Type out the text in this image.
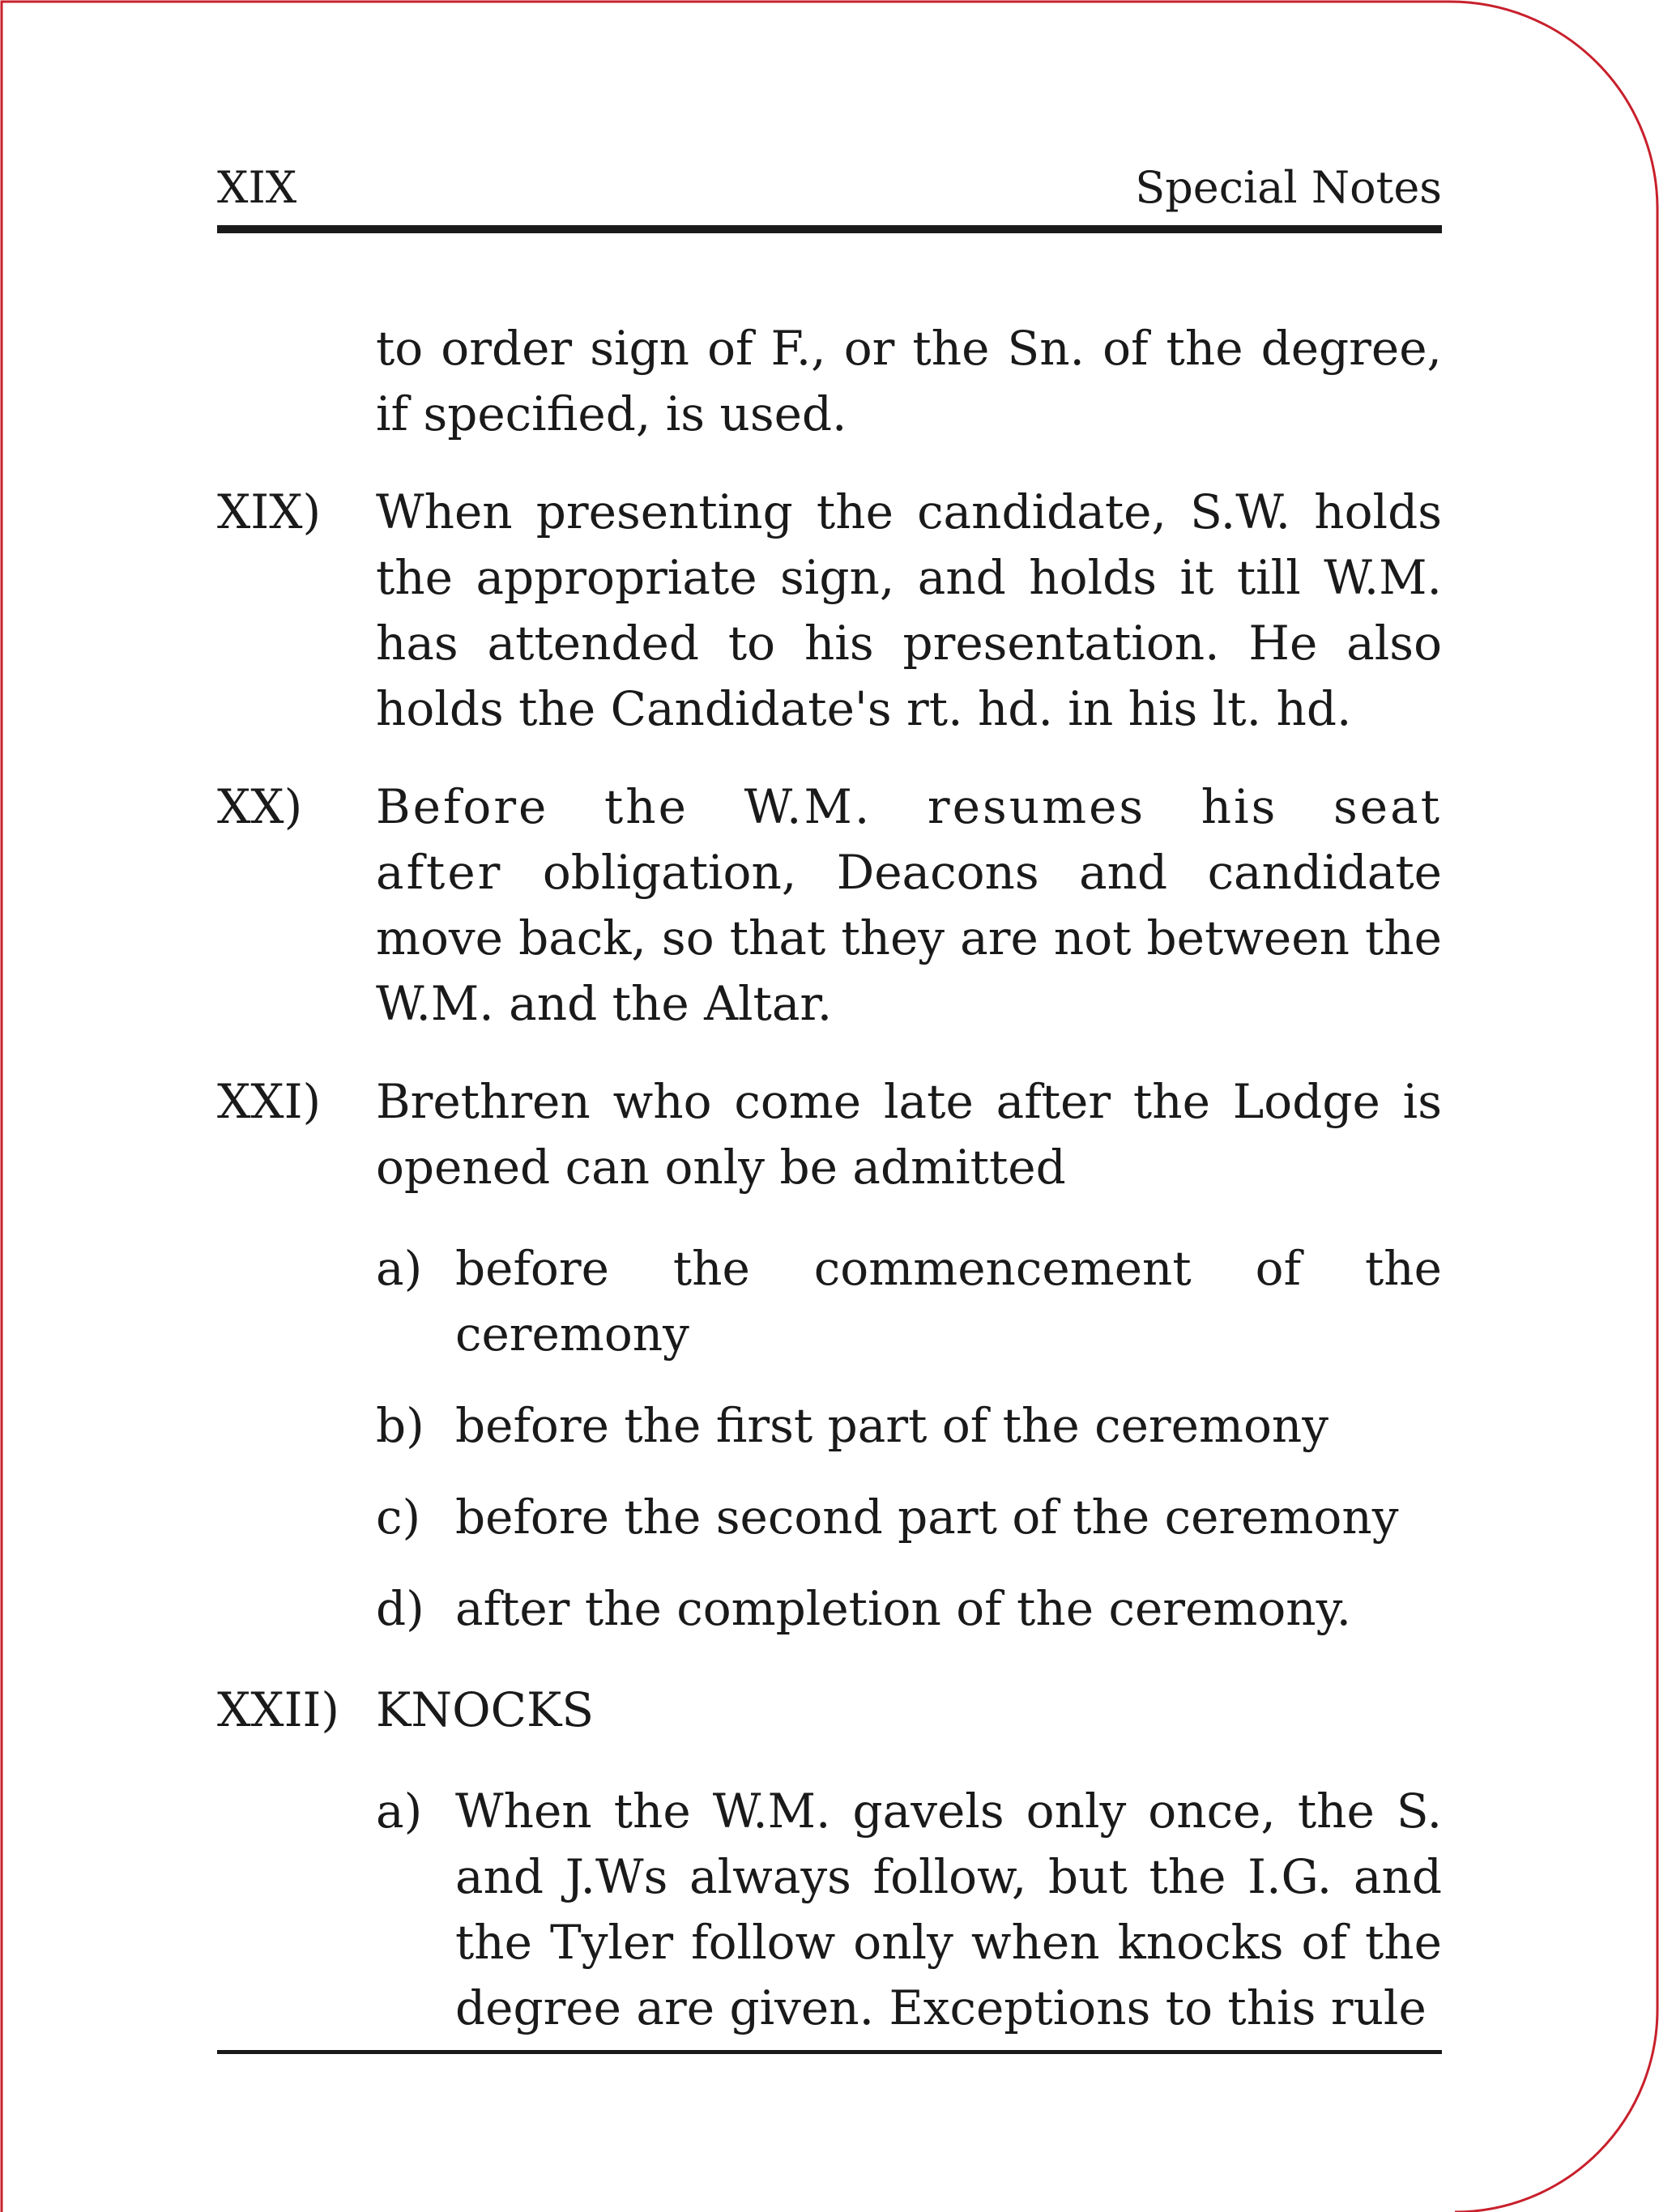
XIX	Special Notes
to order sign of F., or the Sn. of the degree, if specified, is used.
XIX)	When presenting the candidate, S.W. holds the appropriate sign, and holds it till W.M. has attended to his presentation. He also holds the Candidate's rt. hd. in his lt. hd.
XX)	Before the W.M. resumes his seat after obligation, Deacons and candidate move back, so that they are not between the W.M. and the Altar.
XXI)	Brethren who come late after the Lodge is opened can only be admitted
a) before the commencement of the ceremony
b) before the first part of the ceremony
c) before the second part of the ceremony
d) after the completion of the ceremony.
XXII) KNOCKS
a) When the W.M. gavels only once, the S. and J.Ws always follow, but the I.G. and the Tyler follow only when knocks of the degree are given. Exceptions to this rule
